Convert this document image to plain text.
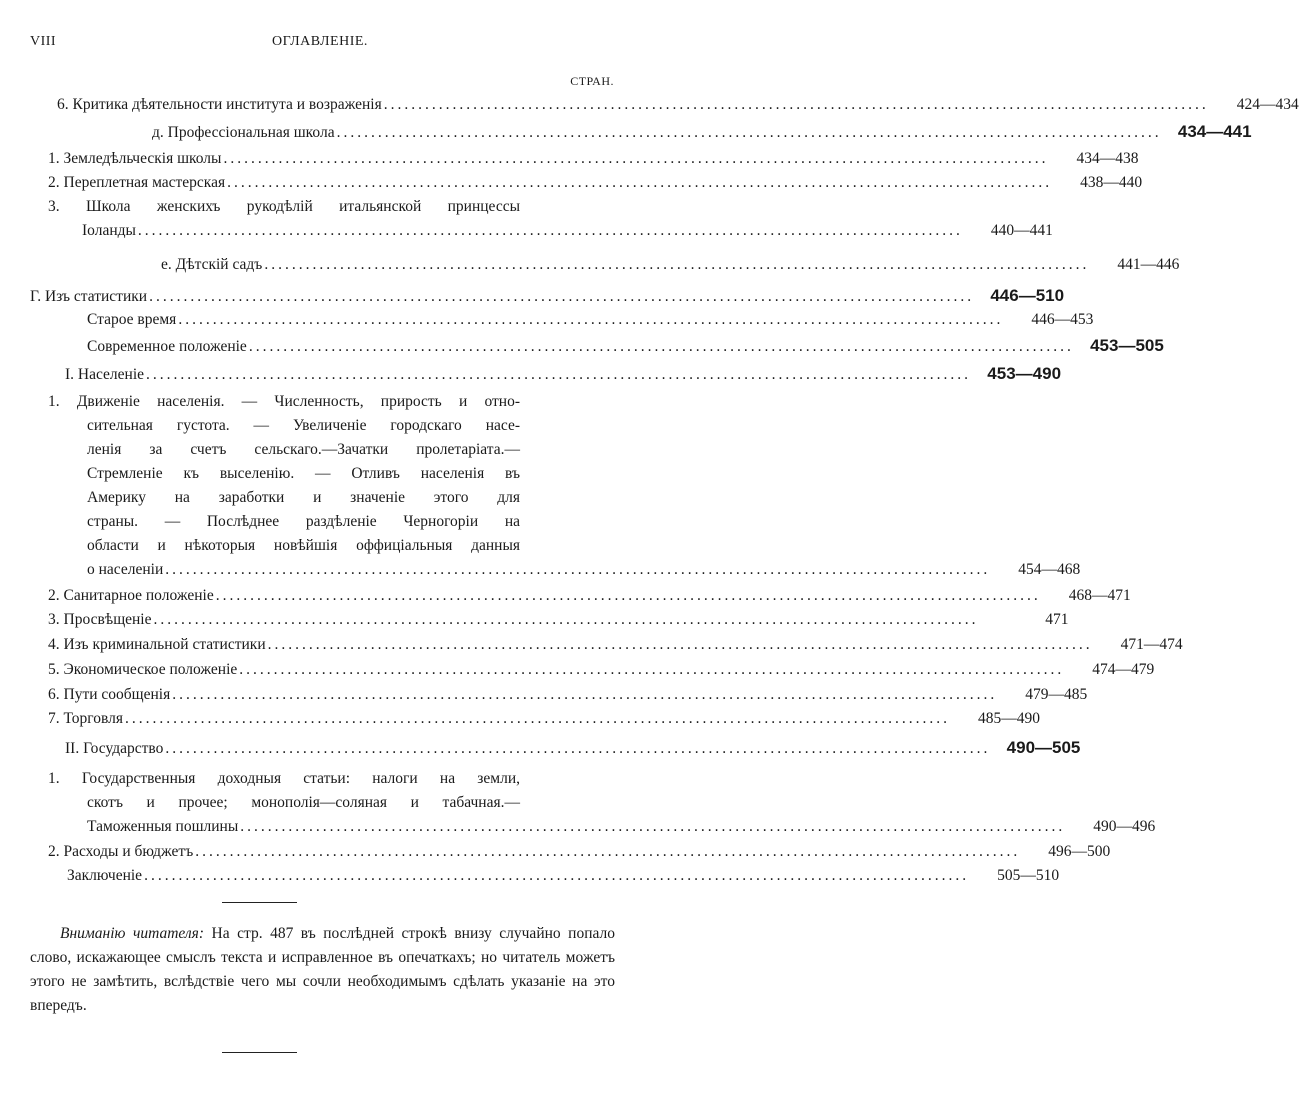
VIII	ОГЛАВЛЕНІЕ.
СТРАН.
6. Критика дѣятельности института и возраженія ........................................................................................................................	424—434
д. Профессіональная школа ........................................................................................................................ 434—441
1. Земледѣльческія школы ........................................................................................................................	434—438
2. Переплетная мастерская ........................................................................................................................	438—440
3. Школа женскихъ рукодѣлій итальянской принцессы
Іоланды ........................................................................................................................	440—441
е. Дѣтскій садъ ........................................................................................................................	441—446
Г. Изъ статистики ........................................................................................................................ 446—510
Старое время ........................................................................................................................	446—453
Современное положеніе ........................................................................................................................ 453—505
I. Населеніе ........................................................................................................................ 453—490
1. Движеніе населенія. — Численность, прирость и отно-
сительная густота. — Увеличеніе городскаго насе-
ленія за счетъ сельскаго.—Зачатки пролетаріата.—
Стремленіе къ выселенію. — Отливъ населенія въ
Америку на заработки и значеніе этого для
страны. — Послѣднее раздѣленіе Черногоріи на
области и нѣкоторыя новѣйшія оффиціальныя данныя
о населеніи ........................................................................................................................	454—468
2. Санитарное положеніе ........................................................................................................................	468—471
3. Просвѣщеніе ........................................................................................................................	471
4. Изъ криминальной статистики ........................................................................................................................	471—474
5. Экономическое положеніе ........................................................................................................................	474—479
6. Пути сообщенія ........................................................................................................................	479—485
7. Торговля ........................................................................................................................	485—490
II. Государство ........................................................................................................................ 490—505
1. Государственныя доходныя статьи: налоги на земли,
скотъ и прочее; монополія—соляная и табачная.—
Таможенныя пошлины ........................................................................................................................	490—496
2. Расходы и бюджетъ ........................................................................................................................	496—500
Заключеніе ........................................................................................................................	505—510
Вниманію читателя: На стр. 487 въ послѣдней строкѣ внизу случайно попало слово, искажающее смыслъ текста и исправленное въ опечаткахъ; но читатель можетъ этого не замѣтить, вслѣдствіе чего мы сочли необходимымъ сдѣлать указаніе на это впередъ.
